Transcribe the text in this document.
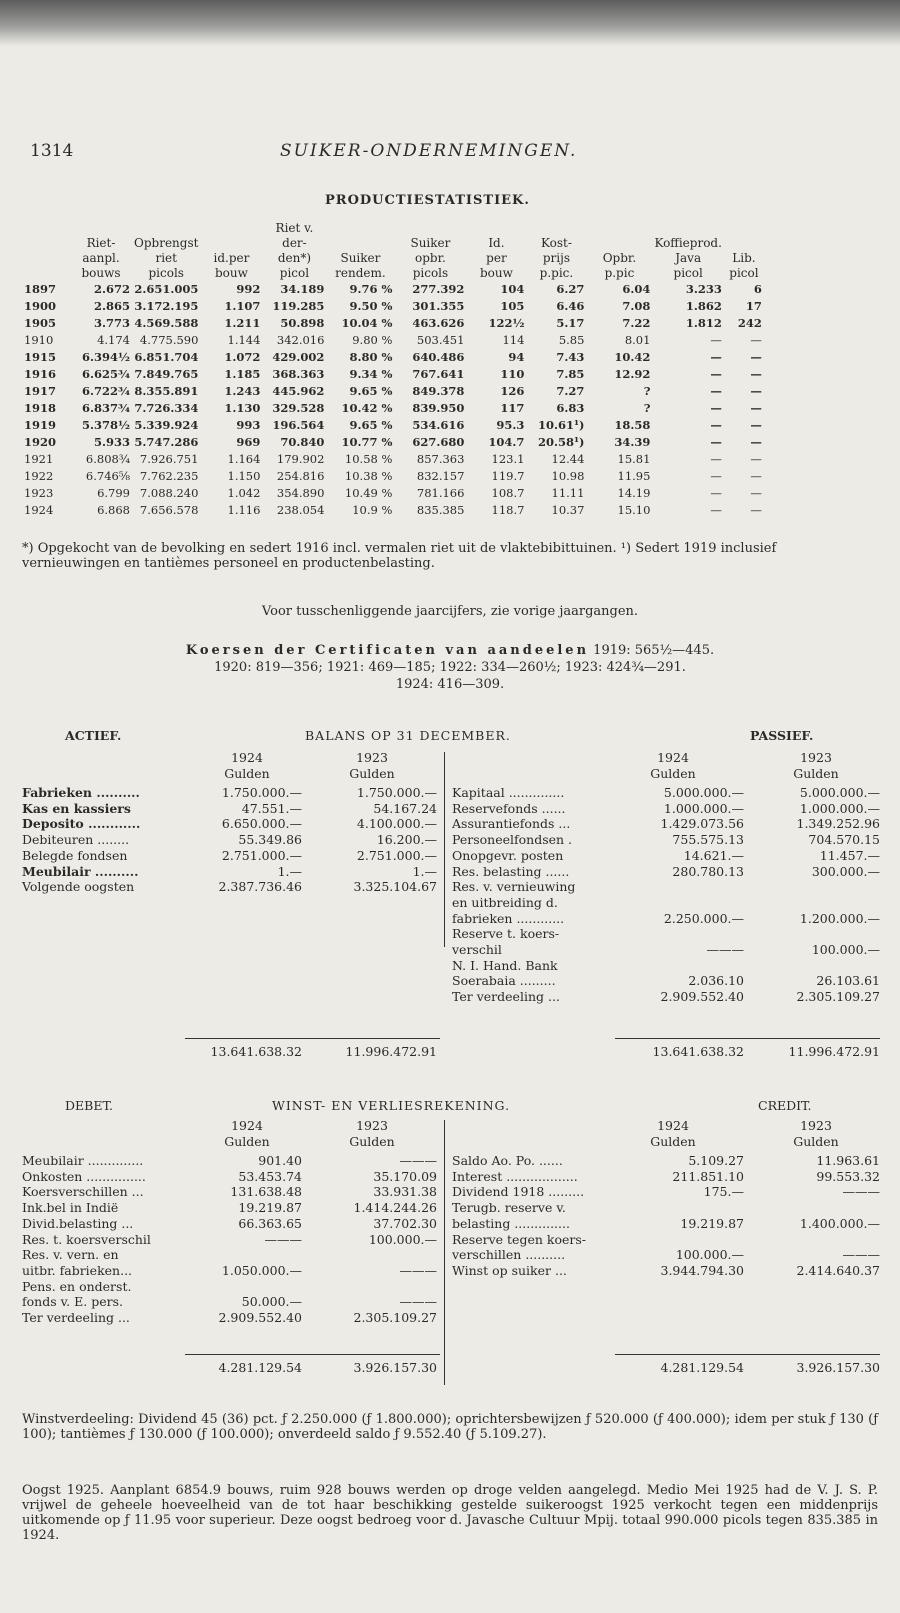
1314	SUIKER-ONDERNEMINGEN.
PRODUCTIESTATISTIEK.
				Riet v.							
	Riet-	Opbrengst		der-		Suiker	Id.	Kost-		Koffieprod.	
	aanpl.	riet	id.per	den*)	Suiker	opbr.	per	prijs	Opbr.	Java	Lib.
	bouws	picols	bouw	picol	rendem.	picols	bouw	p.pic.	p.pic	picol	picol
1897	2.672	2.651.005	992	34.189	9.76 %	277.392	104	6.27	6.04	3.233	6
1900	2.865	3.172.195	1.107	119.285	9.50 %	301.355	105	6.46	7.08	1.862	17
1905	3.773	4.569.588	1.211	50.898	10.04 %	463.626	122½	5.17	7.22	1.812	242
1910	4.174	4.775.590	1.144	342.016	9.80 %	503.451	114	5.85	8.01	—	—
1915	6.394½	6.851.704	1.072	429.002	8.80 %	640.486	94	7.43	10.42	—	—
1916	6.625¾	7.849.765	1.185	368.363	9.34 %	767.641	110	7.85	12.92	—	—
1917	6.722¾	8.355.891	1.243	445.962	9.65 %	849.378	126	7.27	?	—	—
1918	6.837¾	7.726.334	1.130	329.528	10.42 %	839.950	117	6.83	?	—	—
1919	5.378½	5.339.924	993	196.564	9.65 %	534.616	95.3	10.61¹)	18.58	—	—
1920	5.933	5.747.286	969	70.840	10.77 %	627.680	104.7	20.58¹)	34.39	—	—
1921	6.808¾	7.926.751	1.164	179.902	10.58 %	857.363	123.1	12.44	15.81	—	—
1922	6.746⅝	7.762.235	1.150	254.816	10.38 %	832.157	119.7	10.98	11.95	—	—
1923	6.799	7.088.240	1.042	354.890	10.49 %	781.166	108.7	11.11	14.19	—	—
1924	6.868	7.656.578	1.116	238.054	10.9 %	835.385	118.7	10.37	15.10	—	—
*) Opgekocht van de bevolking en sedert 1916 incl. vermalen riet uit de vlaktebibittuinen. ¹) Sedert 1919 inclusief vernieuwingen en tantièmes personeel en productenbelasting.
Voor tusschenliggende jaarcijfers, zie vorige jaargangen.
Koersen der Certificaten van aandeelen 1919: 565½—445.
1920: 819—356; 1921: 469—185; 1922: 334—260½; 1923: 424¾—291.
1924: 416—309.
ACTIEF.	BALANS OP 31 DECEMBER.	PASSIEF.
1924	1923
Gulden	Gulden
Fabrieken ..........	1.750.000.—	1.750.000.—
Kas en kassiers	47.551.—	54.167.24
Deposito ............	6.650.000.—	4.100.000.—
Debiteuren ........	55.349.86	16.200.—
Belegde fondsen	2.751.000.—	2.751.000.—
Meubilair ..........	1.—	1.—
Volgende oogsten	2.387.736.46	3.325.104.67
1924	1923
Gulden	Gulden
Kapitaal ..............	5.000.000.—	5.000.000.—
Reservefonds ......	1.000.000.—	1.000.000.—
Assurantiefonds ...	1.429.073.56	1.349.252.96
Personeelfondsen .	755.575.13	704.570.15
Onopgevr. posten	14.621.—	11.457.—
Res. belasting ......	280.780.13	300.000.—
Res. v. vernieuwing
en uitbreiding d.
fabrieken ............	2.250.000.—	1.200.000.—
Reserve t. koers-
verschil	———	100.000.—
N. I. Hand. Bank
Soerabaia .........	2.036.10	26.103.61
Ter verdeeling ...	2.909.552.40	2.305.109.27
13.641.638.32	11.996.472.91	13.641.638.32	11.996.472.91
DEBET.	WINST- EN VERLIESREKENING.	CREDIT.
1924	1923
Gulden	Gulden
Meubilair ..............	901.40	———
Onkosten ...............	53.453.74	35.170.09
Koersverschillen ...	131.638.48	33.931.38
Ink.bel in Indië	19.219.87	1.414.244.26
Divid.belasting ...	66.363.65	37.702.30
Res. t. koersverschil	———	100.000.—
Res. v. vern. en
uitbr. fabrieken...	1.050.000.—	———
Pens. en onderst.
fonds v. E. pers.	50.000.—	———
Ter verdeeling ...	2.909.552.40	2.305.109.27
1924	1923
Gulden	Gulden
Saldo Ao. Po. ......	5.109.27	11.963.61
Interest ..................	211.851.10	99.553.32
Dividend 1918 .........	175.—	———
Terugb. reserve v.
belasting ..............	19.219.87	1.400.000.—
Reserve tegen koers-
verschillen ..........	100.000.—	———
Winst op suiker ...	3.944.794.30	2.414.640.37
4.281.129.54	3.926.157.30	4.281.129.54	3.926.157.30
Winstverdeeling: Dividend 45 (36) pct. ƒ 2.250.000 (ƒ 1.800.000); oprichtersbewijzen ƒ 520.000 (ƒ 400.000); idem per stuk ƒ 130 (ƒ 100); tantièmes ƒ 130.000 (ƒ 100.000); onverdeeld saldo ƒ 9.552.40 (ƒ 5.109.27).
Oogst 1925. Aanplant 6854.9 bouws, ruim 928 bouws werden op droge velden aangelegd. Medio Mei 1925 had de V. J. S. P. vrijwel de geheele hoeveelheid van de tot haar beschikking gestelde suikeroogst 1925 verkocht tegen een middenprijs uitkomende op ƒ 11.95 voor superieur. Deze oogst bedroeg voor d. Javasche Cultuur Mpij. totaal 990.000 picols tegen 835.385 in 1924.
